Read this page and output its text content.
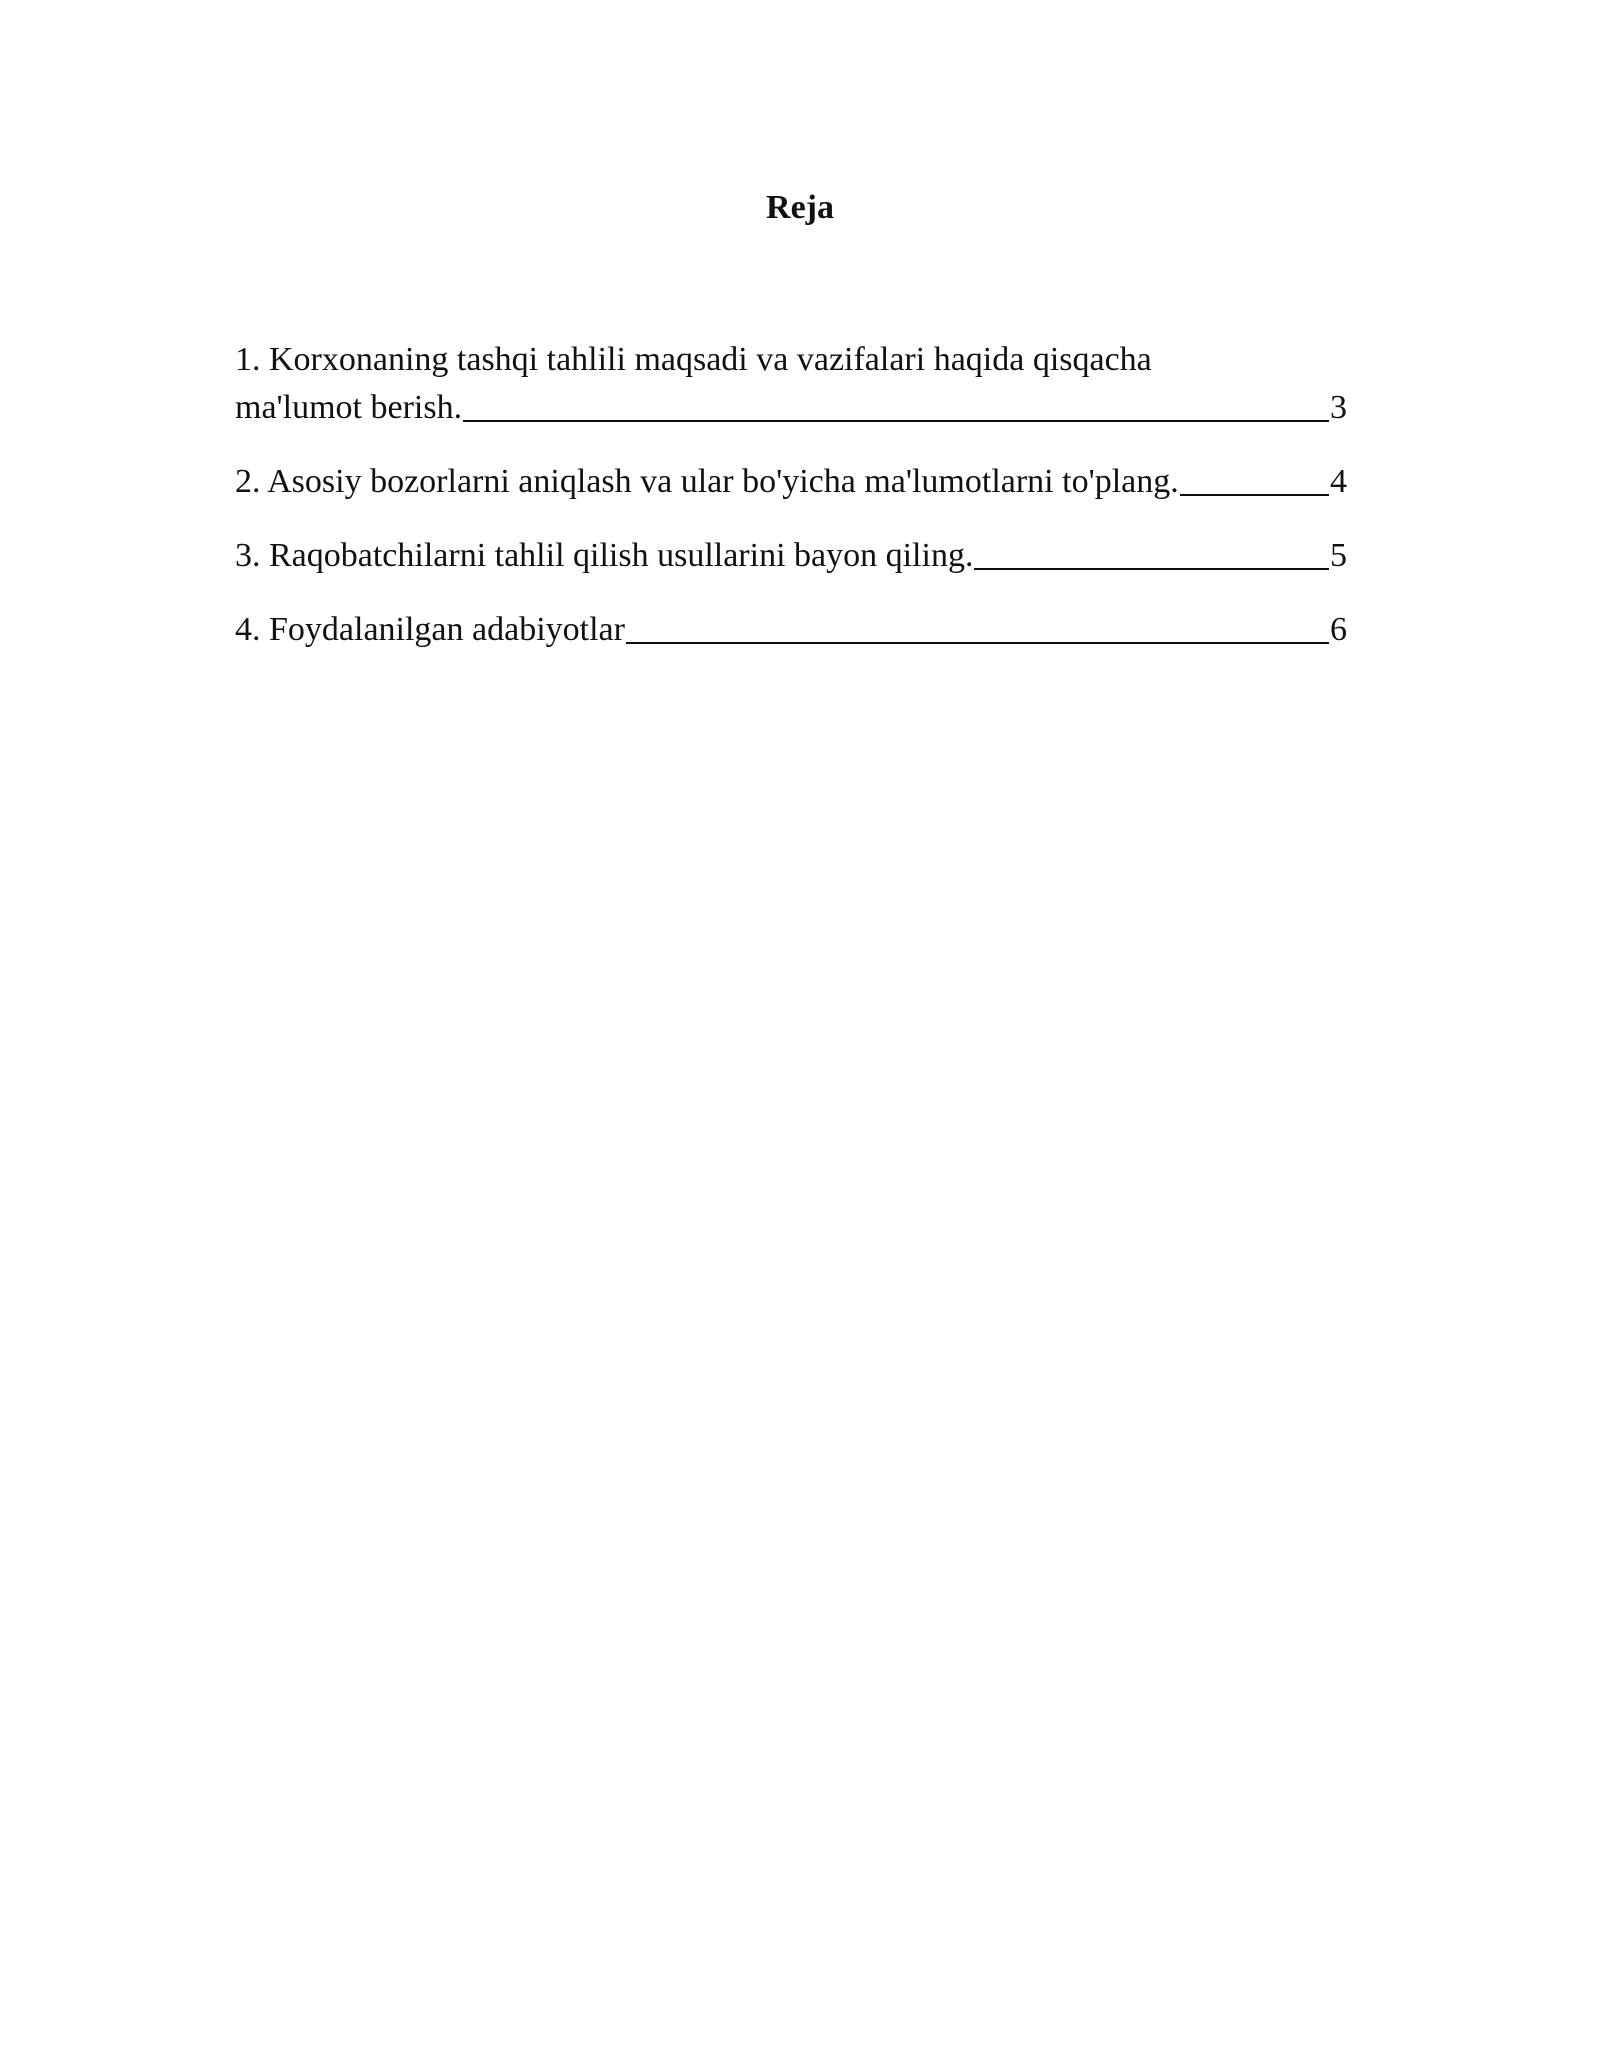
Reja
1. Korxonaning tashqi tahlili maqsadi va vazifalari haqida qisqacha
ma'lumot berish.	3
2. Asosiy bozorlarni aniqlash va ular bo'yicha ma'lumotlarni to'plang.	4
3. Raqobatchilarni tahlil qilish usullarini bayon qiling.	5
4. Foydalanilgan adabiyotlar	6
